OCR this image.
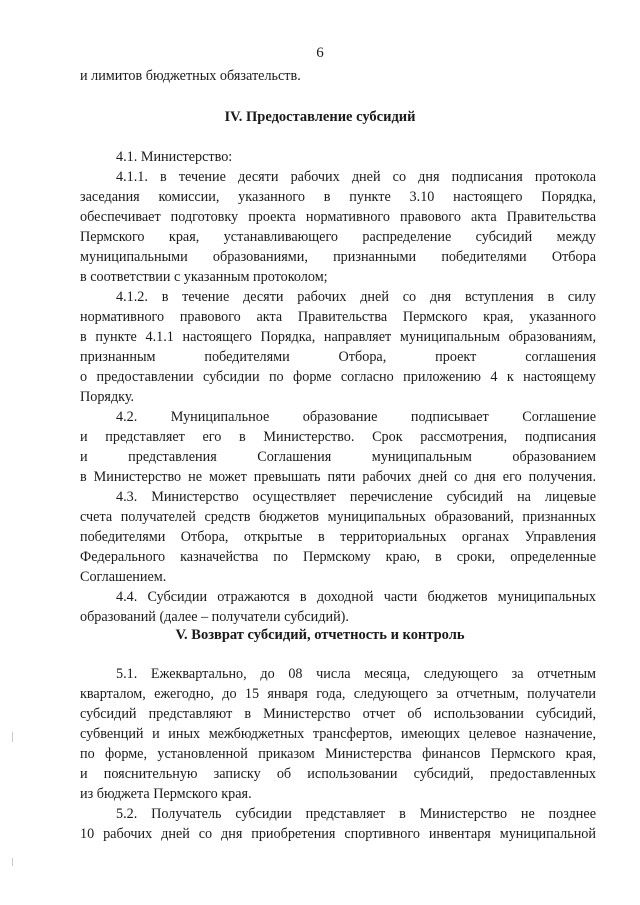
6
и лимитов бюджетных обязательств.
IV. Предоставление субсидий
4.1. Министерство:
4.1.1. в течение десяти рабочих дней со дня подписания протокола
заседания комиссии, указанного в пункте 3.10 настоящего Порядка,
обеспечивает подготовку проекта нормативного правового акта Правительства
Пермского края, устанавливающего распределение субсидий между
муниципальными образованиями, признанными победителями Отбора
в соответствии с указанным протоколом;
4.1.2. в течение десяти рабочих дней со дня вступления в силу
нормативного правового акта Правительства Пермского края, указанного
в пункте 4.1.1 настоящего Порядка, направляет муниципальным образованиям,
признанным победителями Отбора, проект соглашения
о предоставлении субсидии по форме согласно приложению 4 к настоящему
Порядку.
4.2. Муниципальное образование подписывает Соглашение
и представляет его в Министерство. Срок рассмотрения, подписания
и представления Соглашения муниципальным образованием
в Министерство не может превышать пяти рабочих дней со дня его получения.
4.3. Министерство осуществляет перечисление субсидий на лицевые
счета получателей средств бюджетов муниципальных образований, признанных
победителями Отбора, открытые в территориальных органах Управления
Федерального казначейства по Пермскому краю, в сроки, определенные
Соглашением.
4.4. Субсидии отражаются в доходной части бюджетов муниципальных
образований (далее – получатели субсидий).
V. Возврат субсидий, отчетность и контроль
5.1. Ежеквартально, до 08 числа месяца, следующего за отчетным
кварталом, ежегодно, до 15 января года, следующего за отчетным, получатели
субсидий представляют в Министерство отчет об использовании субсидий,
субвенций и иных межбюджетных трансфертов, имеющих целевое назначение,
по форме, установленной приказом Министерства финансов Пермского края,
и пояснительную записку об использовании субсидий, предоставленных
из бюджета Пермского края.
5.2. Получатель субсидии представляет в Министерство не позднее
10 рабочих дней со дня приобретения спортивного инвентаря муниципальной
